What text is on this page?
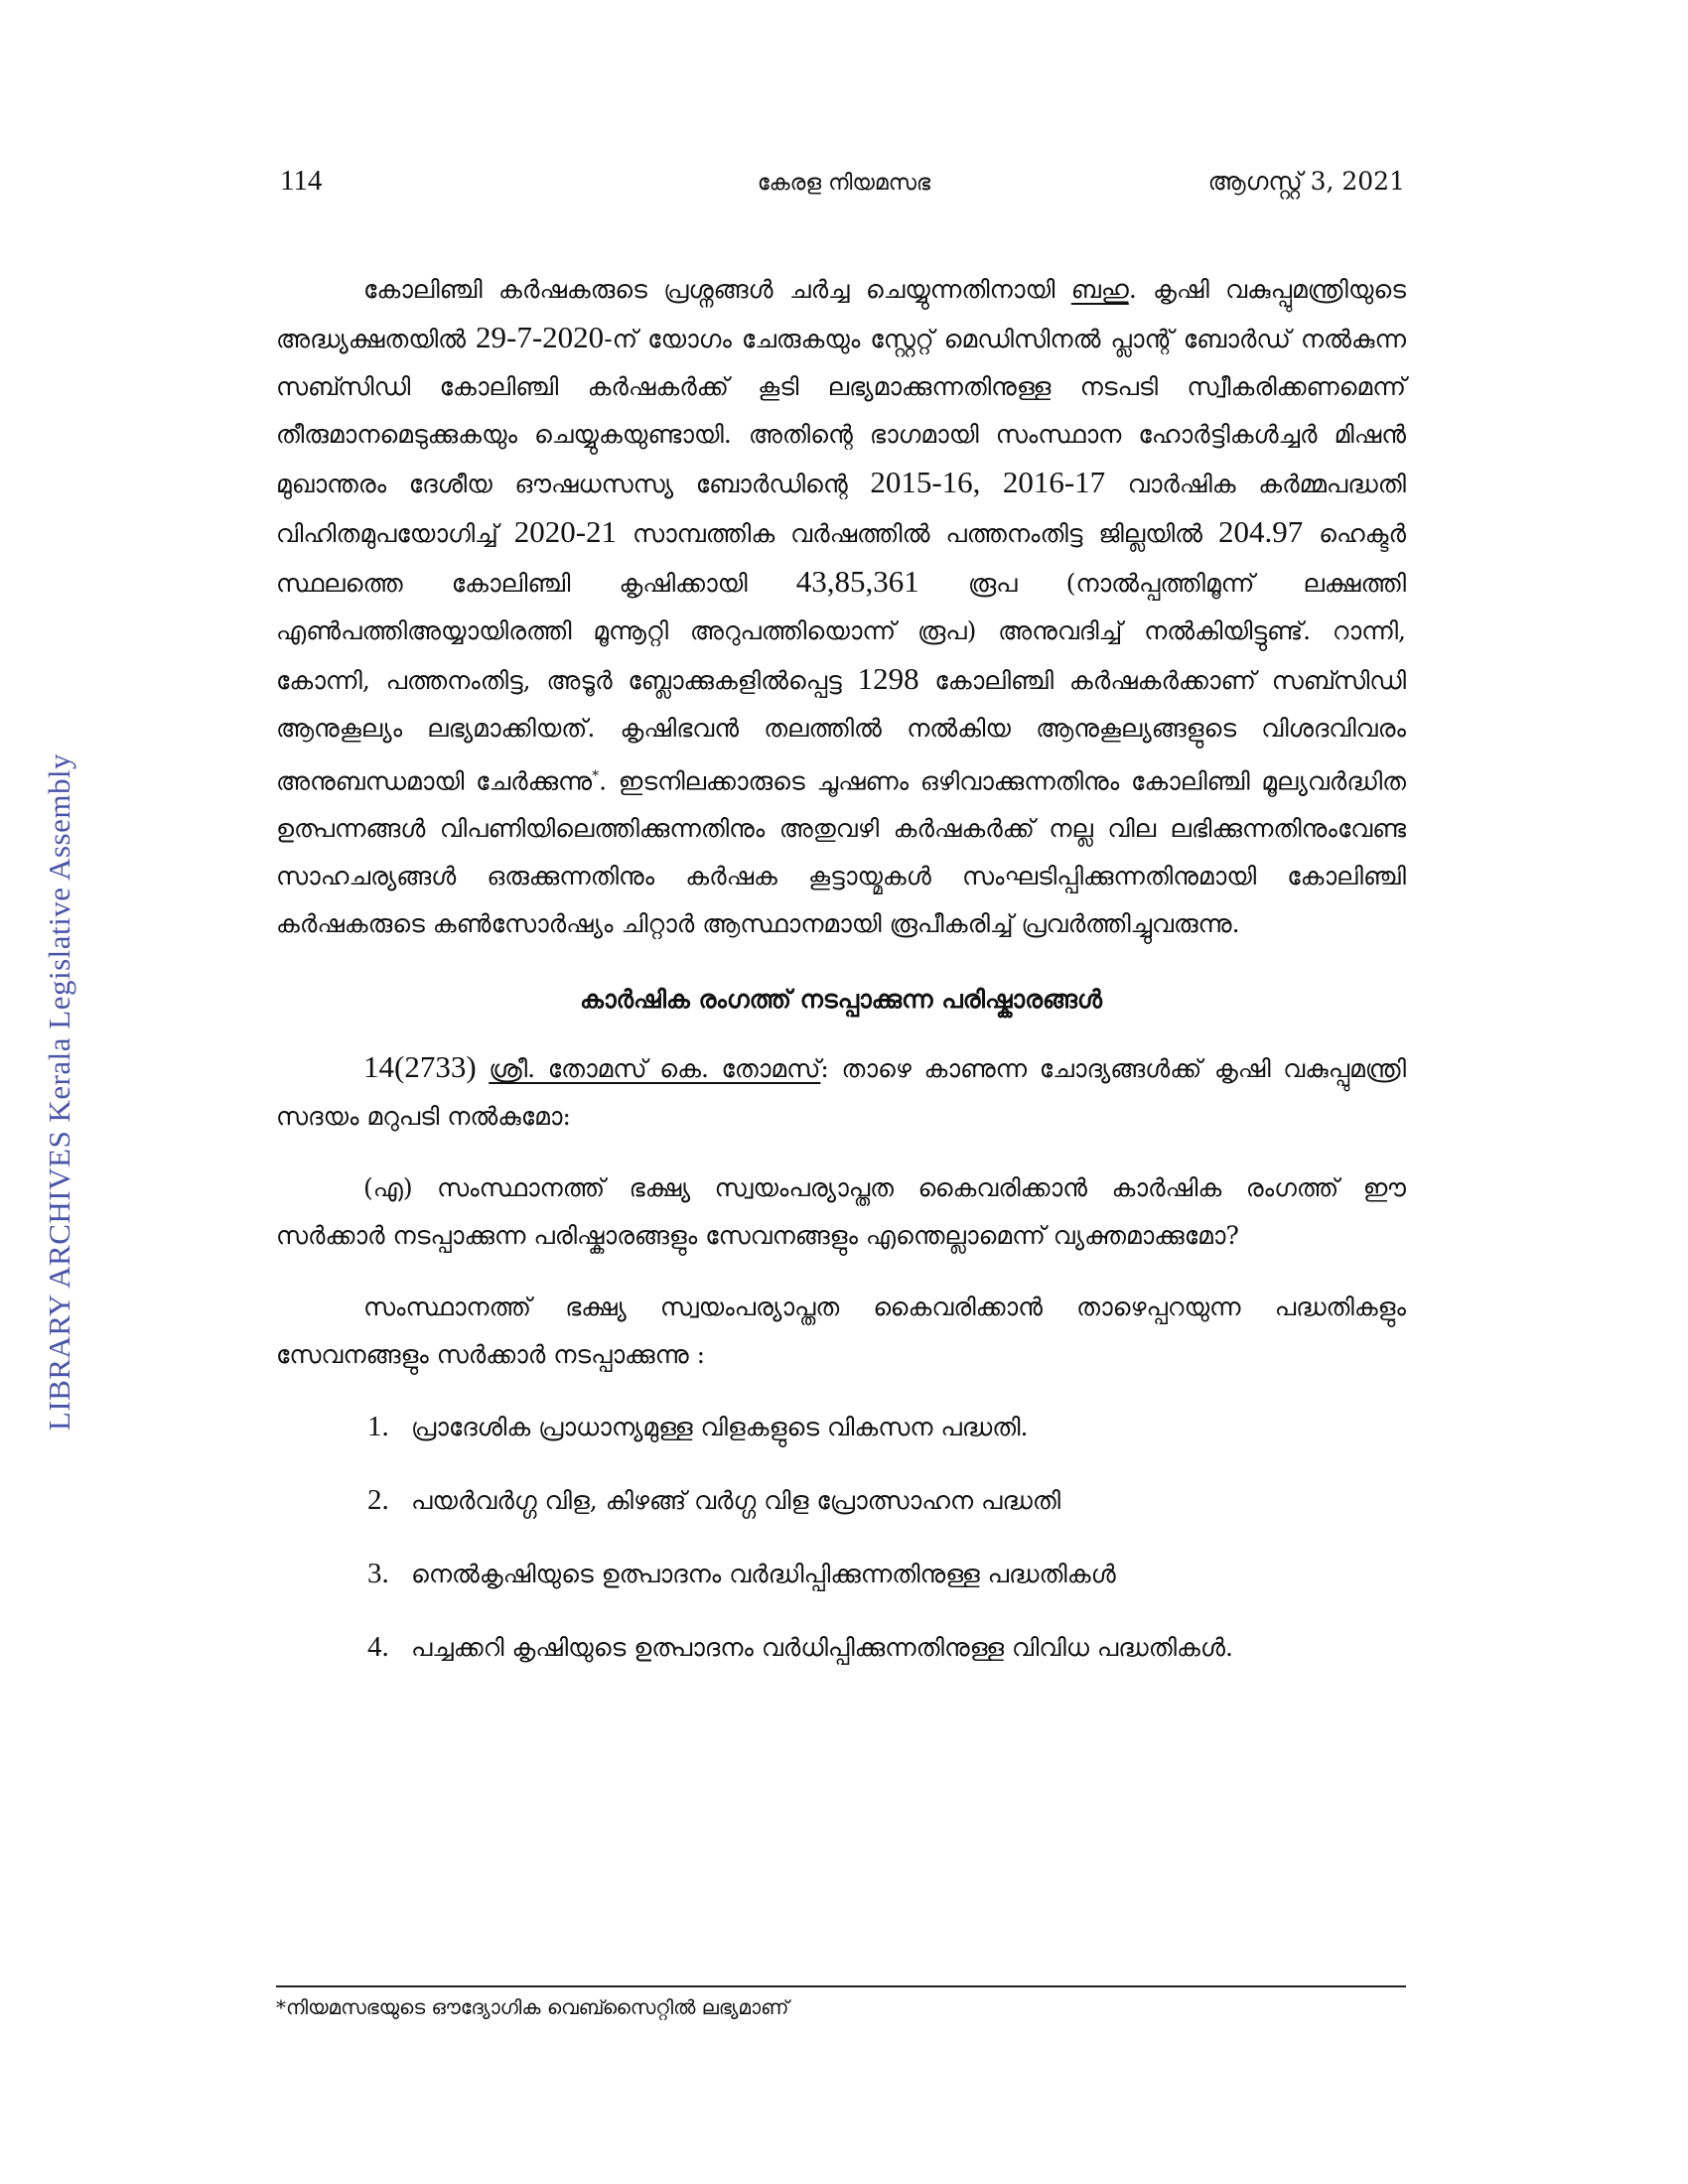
LIBRARY ARCHIVES Kerala Legislative Assembly
114	കേരള നിയമസഭ	ആഗസ്റ്റ് 3, 2021

കോലിഞ്ചി കർഷകരുടെ പ്രശ്നങ്ങൾ ചർച്ച ചെയ്യുന്നതിനായി ബഹു. കൃഷി വകുപ്പുമന്ത്രിയുടെ അദ്ധ്യക്ഷതയിൽ 29-7-2020-ന് യോഗം ചേരുകയും സ്റ്റേറ്റ് മെഡിസിനൽ പ്ലാന്റ് ബോർഡ് നൽകുന്ന സബ്സിഡി കോലിഞ്ചി കർഷകർക്ക് കൂടി ലഭ്യമാക്കുന്നതിനുള്ള നടപടി സ്വീകരിക്കണമെന്ന് തീരുമാനമെടുക്കുകയും ചെയ്യുകയുണ്ടായി. അതിന്റെ ഭാഗമായി സംസ്ഥാന ഹോർട്ടികൾച്ചർ മിഷൻ മുഖാന്തരം ദേശീയ ഔഷധസസ്യ ബോർഡിന്റെ 2015-16, 2016-17 വാർഷിക കർമ്മപദ്ധതി വിഹിതമുപയോഗിച്ച് 2020-21 സാമ്പത്തിക വർഷത്തിൽ പത്തനംതിട്ട ജില്ലയിൽ 204.97 ഹെക്ടർ സ്ഥലത്തെ കോലിഞ്ചി കൃഷിക്കായി 43,85,361 രൂപ (നാൽപ്പത്തിമൂന്ന് ലക്ഷത്തി എൺപത്തിഅയ്യായിരത്തി മൂന്നൂറ്റി അറുപത്തിയൊന്ന് രൂപ) അനുവദിച്ച് നൽകിയിട്ടുണ്ട്. റാന്നി, കോന്നി, പത്തനംതിട്ട, അടൂർ ബ്ലോക്കുകളിൽപ്പെട്ട 1298 കോലിഞ്ചി കർഷകർക്കാണ് സബ്സിഡി ആനുകൂല്യം ലഭ്യമാക്കിയത്. കൃഷിഭവൻ തലത്തിൽ നൽകിയ ആനുകൂല്യങ്ങളുടെ വിശദവിവരം അനുബന്ധമായി ചേർക്കുന്നു*. ഇടനിലക്കാരുടെ ചൂഷണം ഒഴിവാക്കുന്നതിനും കോലിഞ്ചി മൂല്യവർദ്ധിത ഉത്പന്നങ്ങൾ വിപണിയിലെത്തിക്കുന്നതിനും അതുവഴി കർഷകർക്ക് നല്ല വില ലഭിക്കുന്നതിനുംവേണ്ട സാഹചര്യങ്ങൾ ഒരുക്കുന്നതിനും കർഷക കൂട്ടായ്മകൾ സംഘടിപ്പിക്കുന്നതിനുമായി കോലിഞ്ചി കർഷകരുടെ കൺസോർഷ്യം ചിറ്റാർ ആസ്ഥാനമായി രൂപീകരിച്ച് പ്രവർത്തിച്ചുവരുന്നു.

കാർഷിക രംഗത്ത് നടപ്പാക്കുന്ന പരിഷ്കാരങ്ങൾ

14(2733) ശ്രീ. തോമസ് കെ. തോമസ്: താഴെ കാണുന്ന ചോദ്യങ്ങൾക്ക് കൃഷി വകുപ്പുമന്ത്രി സദയം മറുപടി നൽകുമോ:

(എ) സംസ്ഥാനത്ത് ഭക്ഷ്യ സ്വയംപര്യാപ്തത കൈവരിക്കാൻ കാർഷിക രംഗത്ത് ഈ സർക്കാർ നടപ്പാക്കുന്ന പരിഷ്കാരങ്ങളും സേവനങ്ങളും എന്തെല്ലാമെന്ന് വ്യക്തമാക്കുമോ?

സംസ്ഥാനത്ത് ഭക്ഷ്യ സ്വയംപര്യാപ്തത കൈവരിക്കാൻ താഴെപ്പറയുന്ന പദ്ധതികളും സേവനങ്ങളും സർക്കാർ നടപ്പാക്കുന്നു :

1. പ്രാദേശിക പ്രാധാന്യമുള്ള വിളകളുടെ വികസന പദ്ധതി.
2. പയർവർഗ്ഗ വിള, കിഴങ്ങ് വർഗ്ഗ വിള പ്രോത്സാഹന പദ്ധതി
3. നെൽകൃഷിയുടെ ഉത്പാദനം വർദ്ധിപ്പിക്കുന്നതിനുള്ള പദ്ധതികൾ
4. പച്ചക്കറി കൃഷിയുടെ ഉത്പാദനം വർധിപ്പിക്കുന്നതിനുള്ള വിവിധ പദ്ധതികൾ.
*നിയമസഭയുടെ ഔദ്യോഗിക വെബ്സൈറ്റിൽ ലഭ്യമാണ്
